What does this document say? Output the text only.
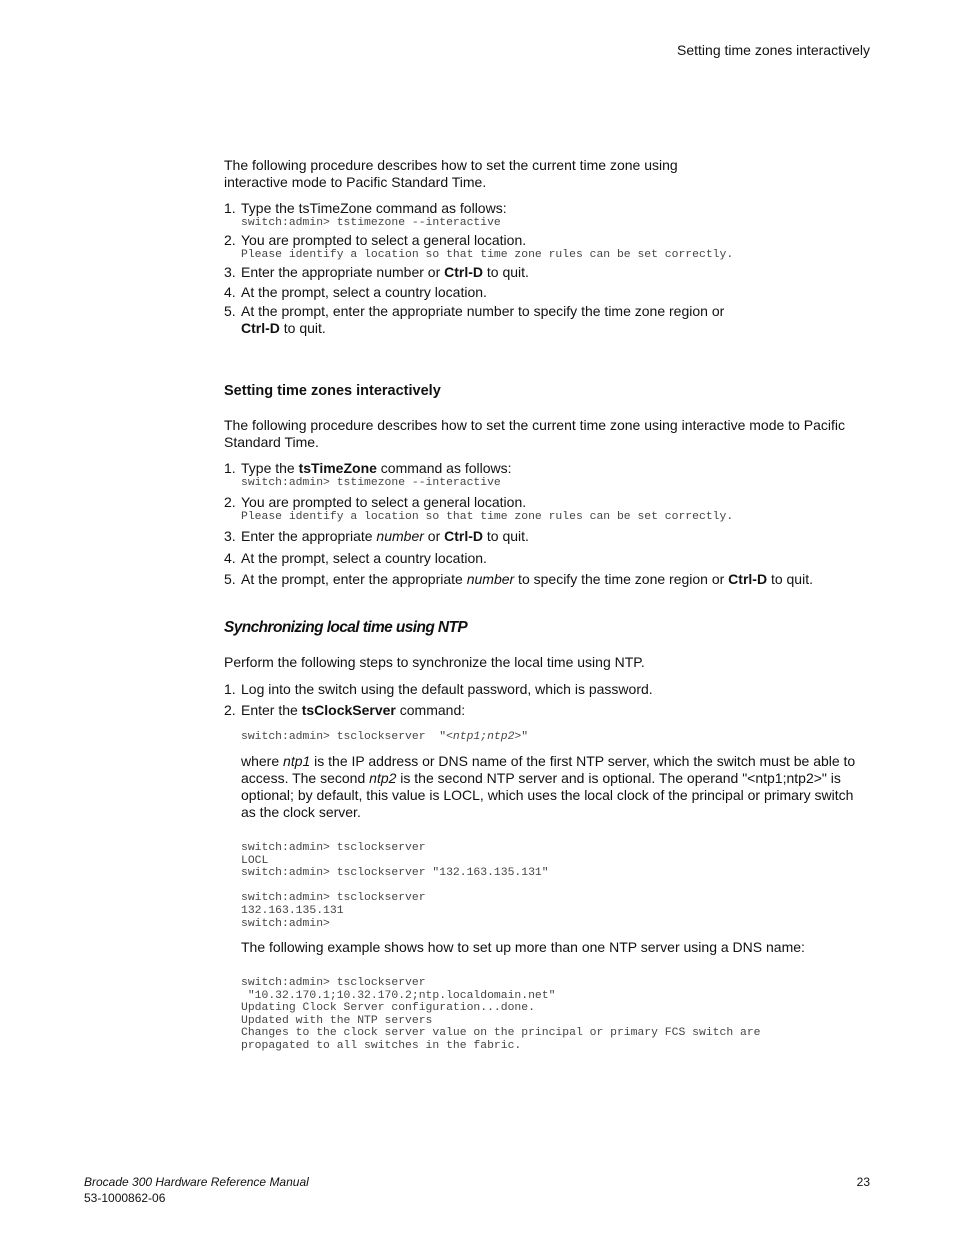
Setting time zones interactively
The following procedure describes how to set the current time zone using
interactive mode to Pacific Standard Time.
1. Type the tsTimeZone command as follows:
switch:admin> tstimezone --interactive
2. You are prompted to select a general location.
Please identify a location so that time zone rules can be set correctly.
3. Enter the appropriate number or Ctrl-D to quit.
4. At the prompt, select a country location.
5. At the prompt, enter the appropriate number to specify the time zone region or
Ctrl-D to quit.
Setting time zones interactively
The following procedure describes how to set the current time zone using interactive mode to Pacific
Standard Time.
1. Type the tsTimeZone command as follows:
switch:admin> tstimezone --interactive
2. You are prompted to select a general location.
Please identify a location so that time zone rules can be set correctly.
3. Enter the appropriate number or Ctrl-D to quit.
4. At the prompt, select a country location.
5. At the prompt, enter the appropriate number to specify the time zone region or Ctrl-D to quit.
Synchronizing local time using NTP
Perform the following steps to synchronize the local time using NTP.
1. Log into the switch using the default password, which is password.
2. Enter the tsClockServer command:
switch:admin> tsclockserver  "<ntp1;ntp2>"
where ntp1 is the IP address or DNS name of the first NTP server, which the switch must be able to
access. The second ntp2 is the second NTP server and is optional. The operand "<ntp1;ntp2>" is
optional; by default, this value is LOCL, which uses the local clock of the principal or primary switch
as the clock server.
switch:admin> tsclockserver
LOCL
switch:admin> tsclockserver "132.163.135.131"

switch:admin> tsclockserver
132.163.135.131
switch:admin>
The following example shows how to set up more than one NTP server using a DNS name:
switch:admin> tsclockserver
"10.32.170.1;10.32.170.2;ntp.localdomain.net"
Updating Clock Server configuration...done.
Updated with the NTP servers
Changes to the clock server value on the principal or primary FCS switch are
propagated to all switches in the fabric.
Brocade 300 Hardware Reference Manual
53-1000862-06
23
